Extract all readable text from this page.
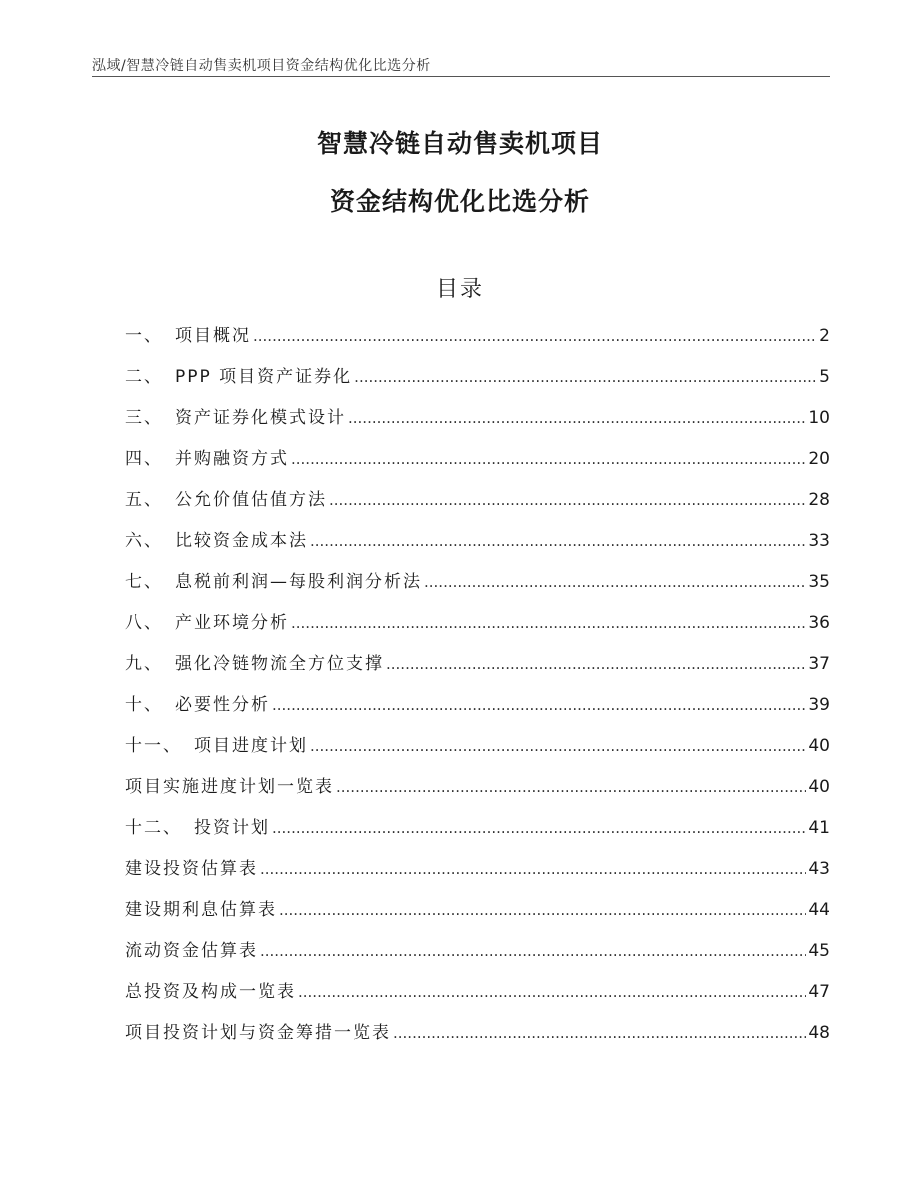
泓域/智慧冷链自动售卖机项目资金结构优化比选分析
智慧冷链自动售卖机项目
资金结构优化比选分析
目录
一、 项目概况 .....	2
二、 PPP 项目资产证券化 .....	5
三、 资产证券化模式设计 .....	10
四、 并购融资方式 .....	20
五、 公允价值估值方法 .....	28
六、 比较资金成本法 .....	33
七、 息税前利润—每股利润分析法 .....	35
八、 产业环境分析 .....	36
九、 强化冷链物流全方位支撑 .....	37
十、 必要性分析 .....	39
十一、 项目进度计划 .....	40
项目实施进度计划一览表 .....	40
十二、 投资计划 .....	41
建设投资估算表 .....	43
建设期利息估算表 .....	44
流动资金估算表 .....	45
总投资及构成一览表 .....	47
项目投资计划与资金筹措一览表 .....	48
